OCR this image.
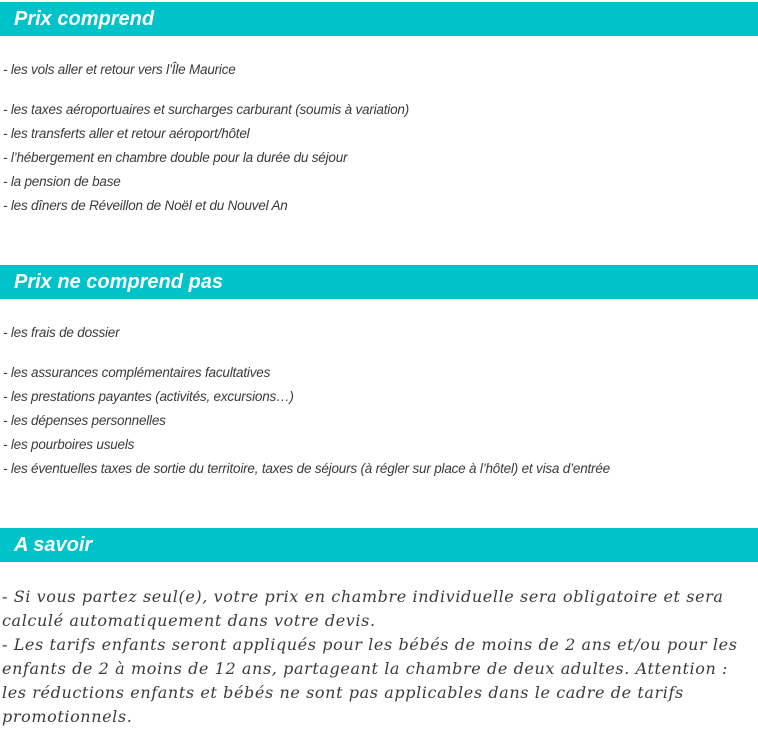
Prix comprend
- les vols aller et retour vers l’Île Maurice
- les taxes aéroportuaires et surcharges carburant (soumis à variation)
- les transferts aller et retour aéroport/hôtel
- l’hébergement en chambre double pour la durée du séjour
- la pension de base
- les dîners de Réveillon de Noël et du Nouvel An
Prix ne comprend pas
- les frais de dossier
- les assurances complémentaires facultatives
- les prestations payantes (activités, excursions…)
- les dépenses personnelles
- les pourboires usuels
- les éventuelles taxes de sortie du territoire, taxes de séjours (à régler sur place à l’hôtel) et visa d’entrée
A savoir

- Si vous partez seul(e), votre prix en chambre individuelle sera obligatoire et sera calculé automatiquement dans votre devis.

- Les tarifs enfants seront appliqués pour les bébés de moins de 2 ans et/ou pour les enfants de 2 à moins de 12 ans, partageant la chambre de deux adultes. Attention : les réductions enfants et bébés ne sont pas applicables dans le cadre de tarifs promotionnels.
